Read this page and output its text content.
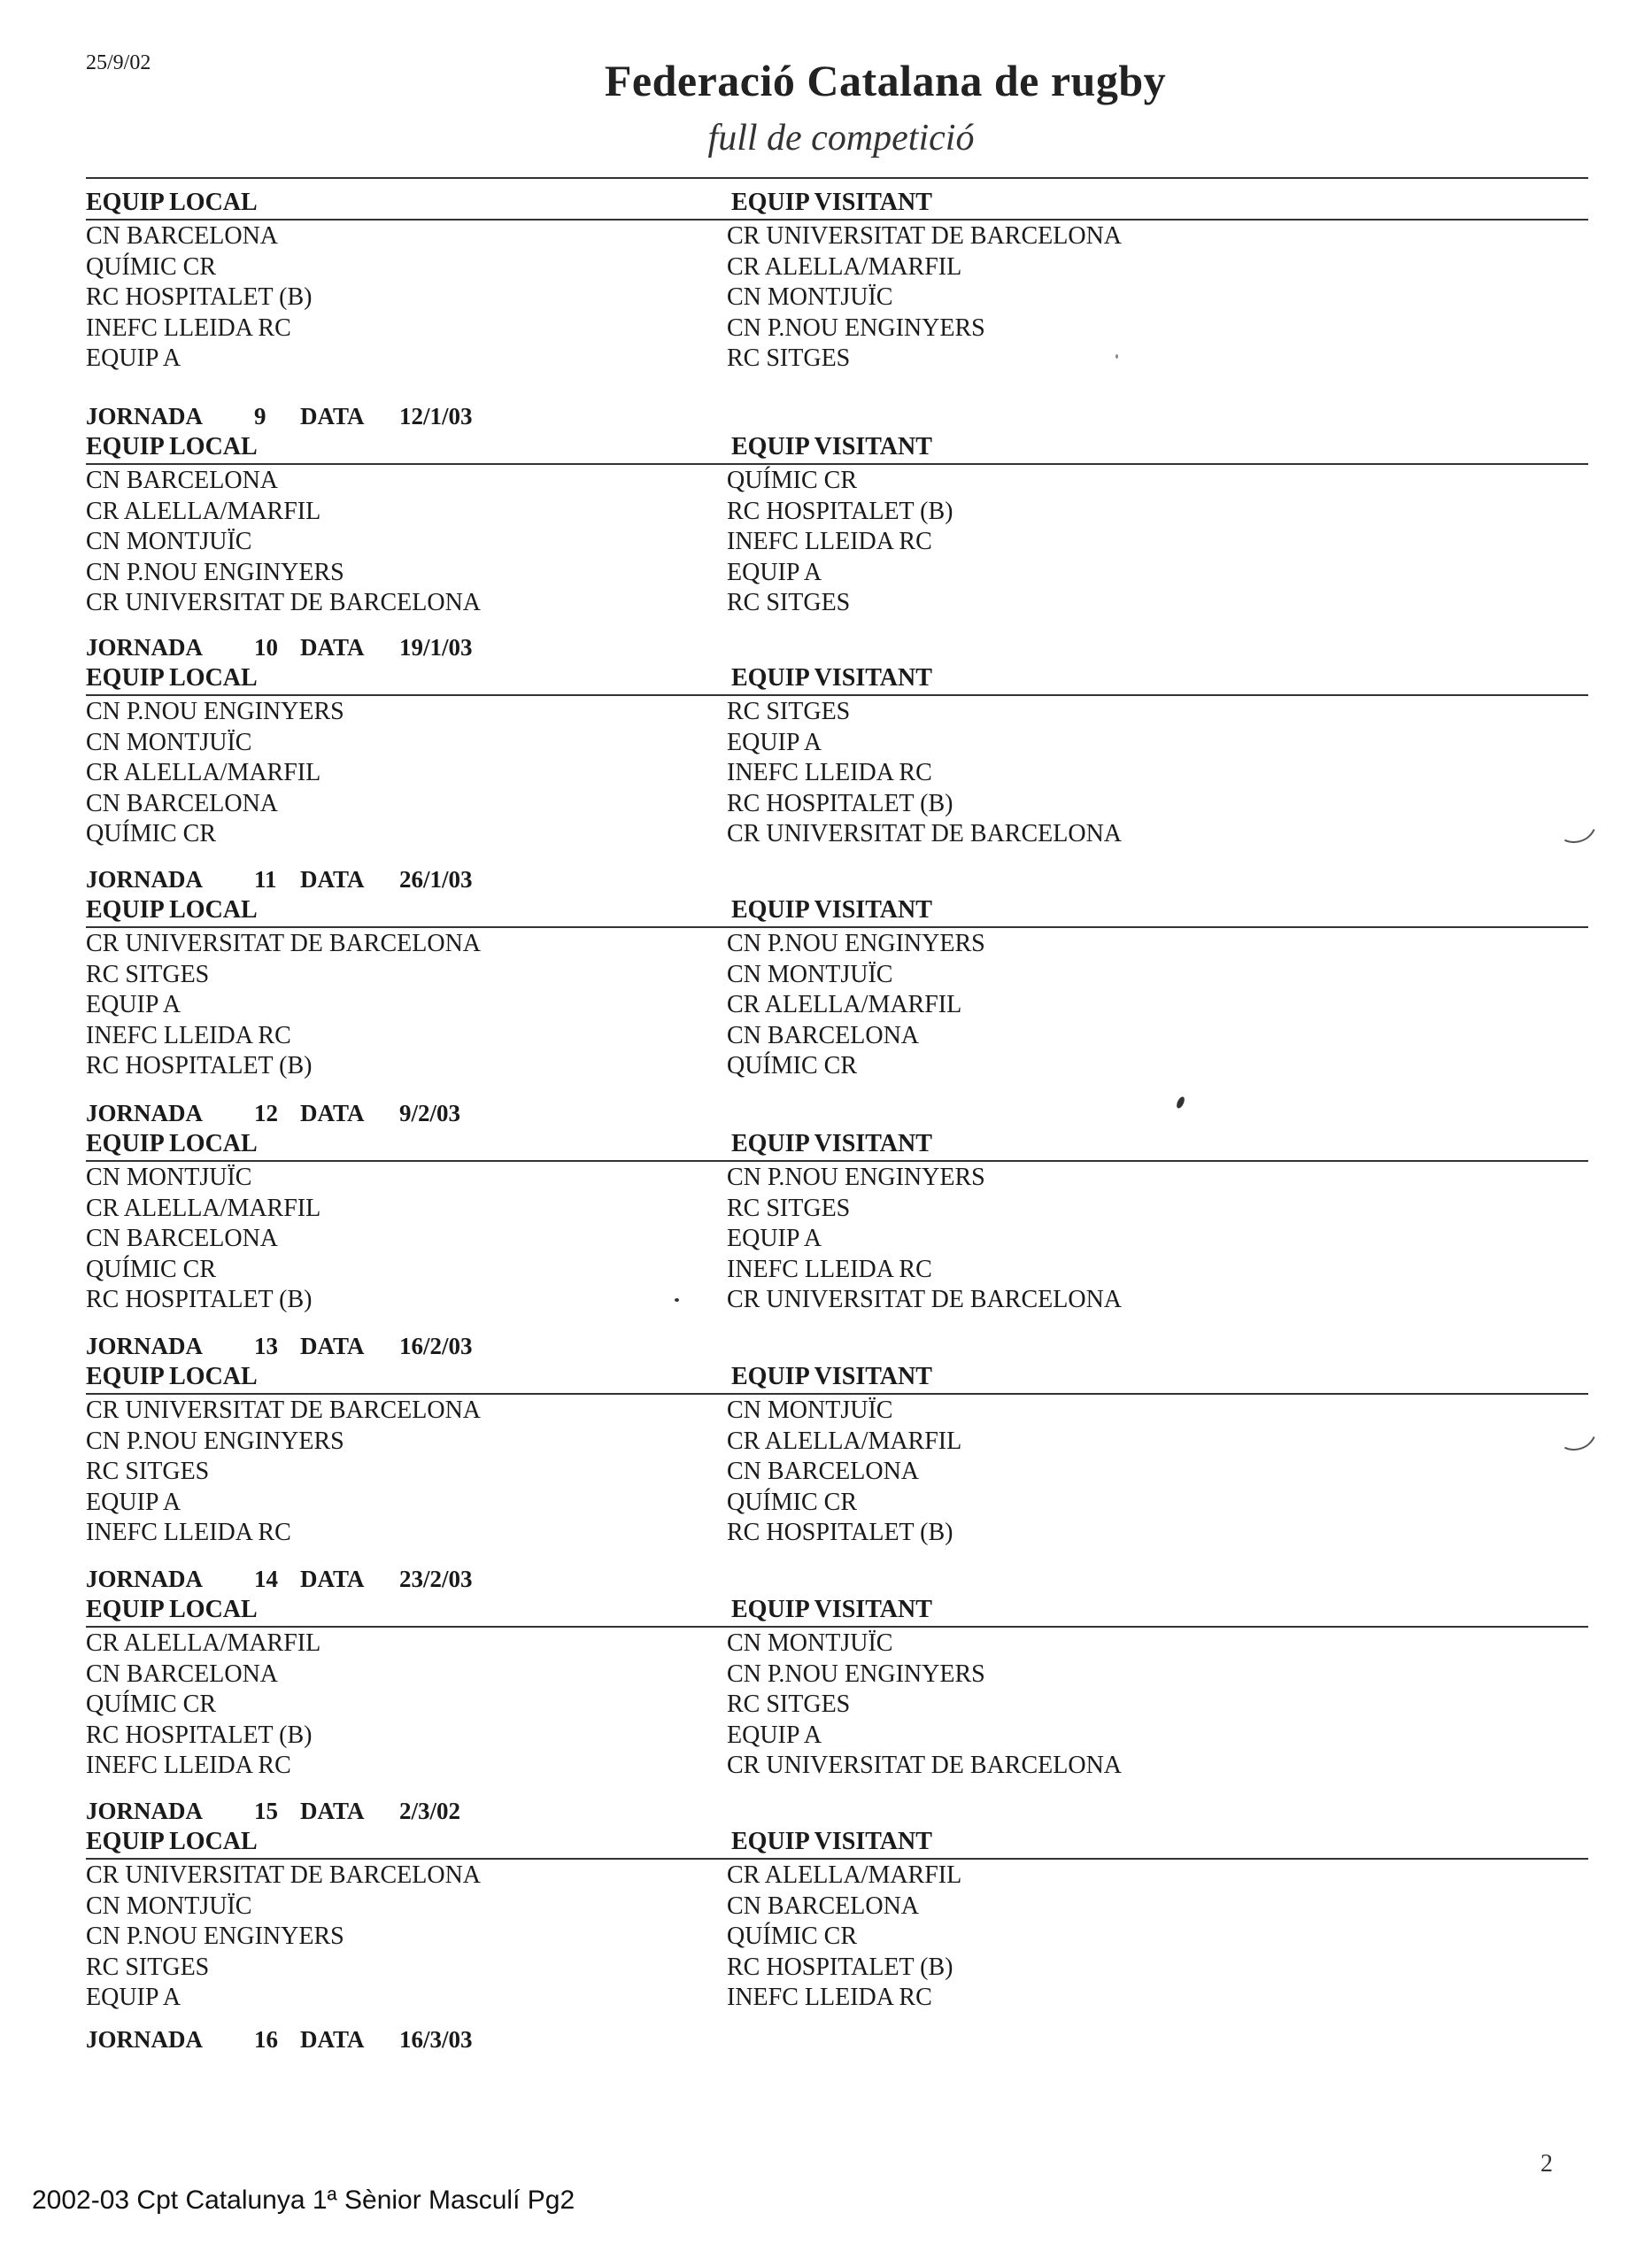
25/9/02	Federació Catalana de rugby
full de competició
EQUIP LOCAL	EQUIP VISITANT
CN BARCELONA	CR UNIVERSITAT DE BARCELONA
QUÍMIC CR	CR ALELLA/MARFIL
RC HOSPITALET (B)	CN MONTJUÏC
INEFC LLEIDA RC	CN P.NOU ENGINYERS
EQUIP A	RC SITGES
JORNADA 9 DATA 12/1/03
EQUIP LOCAL	EQUIP VISITANT
CN BARCELONA	QUÍMIC CR
CR ALELLA/MARFIL	RC HOSPITALET (B)
CN MONTJUÏC	INEFC LLEIDA RC
CN P.NOU ENGINYERS	EQUIP A
CR UNIVERSITAT DE BARCELONA	RC SITGES
JORNADA 10 DATA 19/1/03
EQUIP LOCAL	EQUIP VISITANT
CN P.NOU ENGINYERS	RC SITGES
CN MONTJUÏC	EQUIP A
CR ALELLA/MARFIL	INEFC LLEIDA RC
CN BARCELONA	RC HOSPITALET (B)
QUÍMIC CR	CR UNIVERSITAT DE BARCELONA
JORNADA 11 DATA 26/1/03
EQUIP LOCAL	EQUIP VISITANT
CR UNIVERSITAT DE BARCELONA	CN P.NOU ENGINYERS
RC SITGES	CN MONTJUÏC
EQUIP A	CR ALELLA/MARFIL
INEFC LLEIDA RC	CN BARCELONA
RC HOSPITALET (B)	QUÍMIC CR
JORNADA 12 DATA 9/2/03
EQUIP LOCAL	EQUIP VISITANT
CN MONTJUÏC	CN P.NOU ENGINYERS
CR ALELLA/MARFIL	RC SITGES
CN BARCELONA	EQUIP A
QUÍMIC CR	INEFC LLEIDA RC
RC HOSPITALET (B)	CR UNIVERSITAT DE BARCELONA
JORNADA 13 DATA 16/2/03
EQUIP LOCAL	EQUIP VISITANT
CR UNIVERSITAT DE BARCELONA	CN MONTJUÏC
CN P.NOU ENGINYERS	CR ALELLA/MARFIL
RC SITGES	CN BARCELONA
EQUIP A	QUÍMIC CR
INEFC LLEIDA RC	RC HOSPITALET (B)
JORNADA 14 DATA 23/2/03
EQUIP LOCAL	EQUIP VISITANT
CR ALELLA/MARFIL	CN MONTJUÏC
CN BARCELONA	CN P.NOU ENGINYERS
QUÍMIC CR	RC SITGES
RC HOSPITALET (B)	EQUIP A
INEFC LLEIDA RC	CR UNIVERSITAT DE BARCELONA
JORNADA 15 DATA 2/3/02
EQUIP LOCAL	EQUIP VISITANT
CR UNIVERSITAT DE BARCELONA	CR ALELLA/MARFIL
CN MONTJUÏC	CN BARCELONA
CN P.NOU ENGINYERS	QUÍMIC CR
RC SITGES	RC HOSPITALET (B)
EQUIP A	INEFC LLEIDA RC
JORNADA 16 DATA 16/3/03
2
2002-03 Cpt Catalunya 1ª Sènior Masculí Pg2
